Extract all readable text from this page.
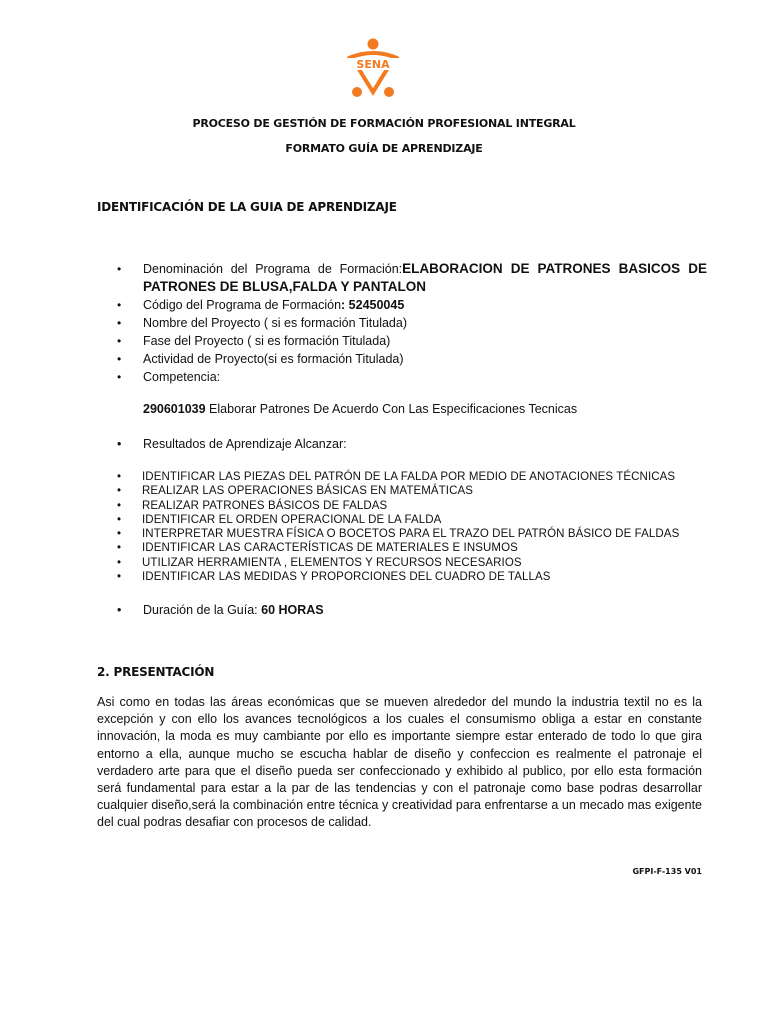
SENA
PROCESO DE GESTIÓN DE FORMACIÓN PROFESIONAL INTEGRAL
FORMATO GUÍA DE APRENDIZAJE
IDENTIFICACIÓN DE LA GUIA DE APRENDIZAJE
• Denominación del Programa de Formación:ELABORACION DE PATRONES BASICOS DE PATRONES DE BLUSA,FALDA Y PANTALON
• Código del Programa de Formación: 52450045
• Nombre del Proyecto ( si es formación Titulada)
• Fase del Proyecto ( si es formación Titulada)
• Actividad de Proyecto(si es formación Titulada)
• Competencia:
290601039 Elaborar Patrones De Acuerdo Con Las Especificaciones Tecnicas
• Resultados de Aprendizaje Alcanzar:
• IDENTIFICAR LAS PIEZAS DEL PATRÓN DE LA FALDA POR MEDIO DE ANOTACIONES TÉCNICAS
• REALIZAR LAS OPERACIONES BÁSICAS EN MATEMÁTICAS
• REALIZAR PATRONES BÁSICOS DE FALDAS
• IDENTIFICAR EL ORDEN OPERACIONAL DE LA FALDA
• INTERPRETAR MUESTRA FÍSICA O BOCETOS PARA EL TRAZO DEL PATRÓN BÁSICO DE FALDAS
• IDENTIFICAR LAS CARACTERÍSTICAS DE MATERIALES E INSUMOS
• UTILIZAR HERRAMIENTA , ELEMENTOS Y RECURSOS NECESARIOS
• IDENTIFICAR LAS MEDIDAS Y PROPORCIONES DEL CUADRO DE TALLAS
• Duración de la Guía: 60 HORAS
2. PRESENTACIÓN
Asi como en todas las áreas económicas que se mueven alrededor del mundo la industria textil no es la excepción y con ello los avances tecnológicos a los cuales el consumismo obliga a estar en constante innovación, la moda es muy cambiante por ello es importante siempre estar enterado de todo lo que gira entorno a ella, aunque mucho se escucha hablar de diseño y confeccion es realmente el patronaje el verdadero arte para que el diseño pueda ser confeccionado y exhibido al publico, por ello esta formación será fundamental para estar a la par de las tendencias y con el patronaje como base podras desarrollar cualquier diseño,será la combinación entre técnica y creatividad para enfrentarse a un mecado mas exigente del cual podras desafiar con procesos de calidad.
GFPI-F-135 V01
